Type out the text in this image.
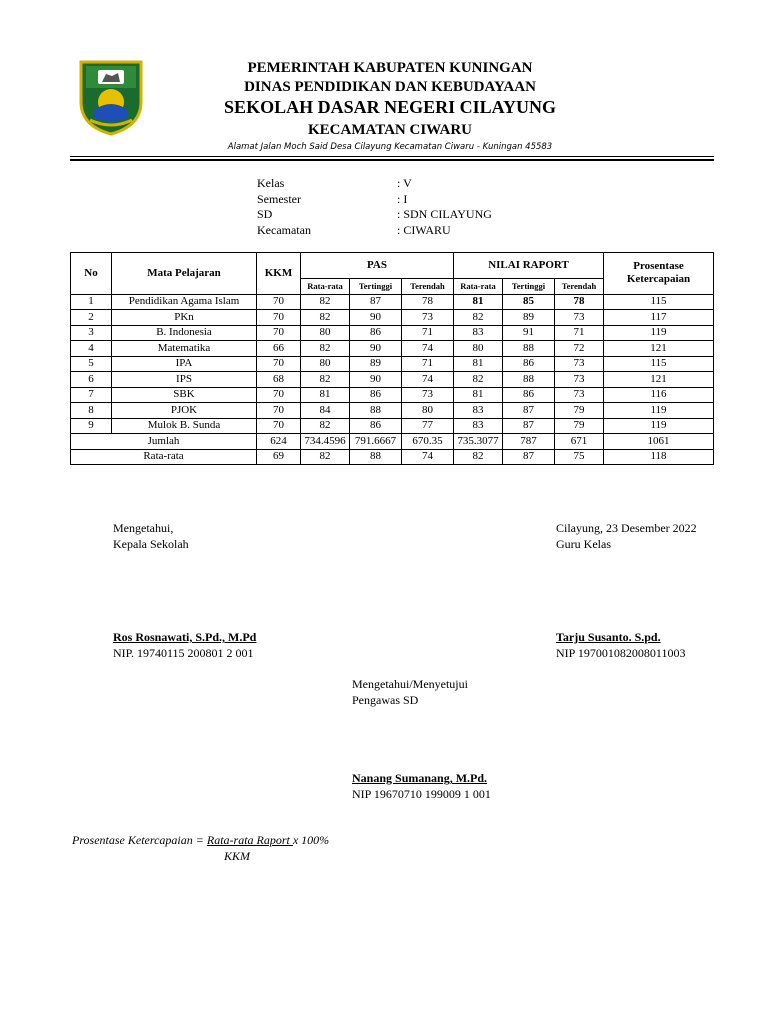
PEMERINTAH KABUPATEN KUNINGAN
DINAS PENDIDIKAN DAN KEBUDAYAAN
SEKOLAH DASAR NEGERI CILAYUNG
KECAMATAN CIWARU
Alamat Jalan Moch Said Desa Cilayung Kecamatan Ciwaru - Kuningan 45583
Kelas	: V
Semester	: I
SD	: SDN CILAYUNG
Kecamatan	: CIWARU
No	Mata Pelajaran	KKM	PAS			NILAI RAPORT			Prosentase Ketercapaian
			Rata-rata	Tertinggi	Terendah	Rata-rata	Tertinggi	Terendah	
1	Pendidikan Agama Islam	70	82	87	78	81	85	78	115
2	PKn	70	82	90	73	82	89	73	117
3	B. Indonesia	70	80	86	71	83	91	71	119
4	Matematika	66	82	90	74	80	88	72	121
5	IPA	70	80	89	71	81	86	73	115
6	IPS	68	82	90	74	82	88	73	121
7	SBK	70	81	86	73	81	86	73	116
8	PJOK	70	84	88	80	83	87	79	119
9	Mulok B. Sunda	70	82	86	77	83	87	79	119
Jumlah		624	734.4596	791.6667	670.35	735.3077	787	671	1061
Rata-rata		69	82	88	74	82	87	75	118
Mengetahui,
Kepala Sekolah
Ros Rosnawati, S.Pd., M.Pd
NIP. 19740115 200801 2 001
Cilayung, 23 Desember 2022
Guru Kelas
Tarju Susanto. S.pd.
NIP 197001082008011003
Mengetahui/Menyetujui
Pengawas SD
Nanang Sumanang, M.Pd.
NIP 19670710 199009 1 001
Prosentase Ketercapaian = Rata-rata Raport x 100%
KKM
